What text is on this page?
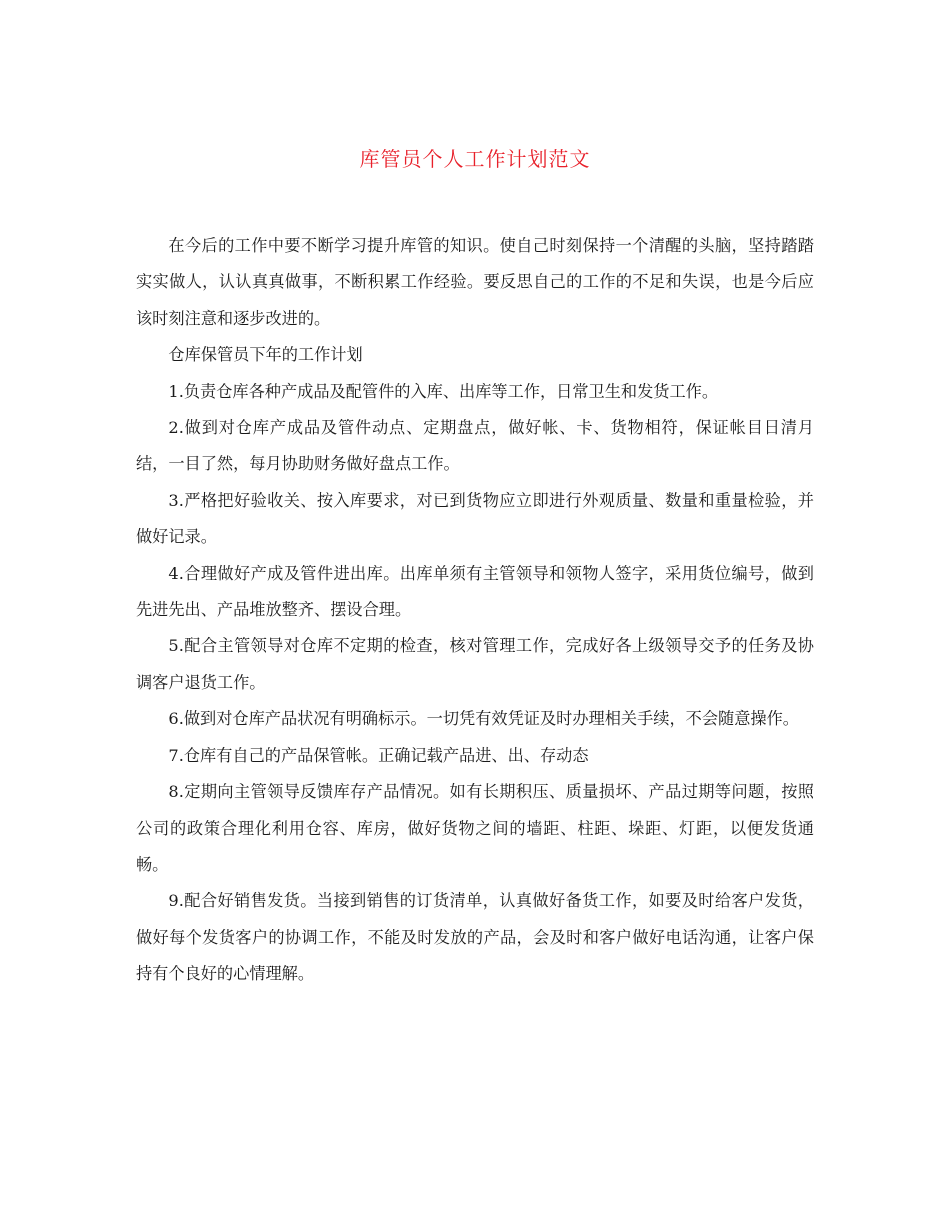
库管员个人工作计划范文

在今后的工作中要不断学习提升库管的知识。使自己时刻保持一个清醒的头脑，坚持踏踏实实做人，认认真真做事，不断积累工作经验。要反思自己的工作的不足和失误，也是今后应该时刻注意和逐步改进的。

仓库保管员下年的工作计划

1.负责仓库各种产成品及配管件的入库、出库等工作，日常卫生和发货工作。

2.做到对仓库产成品及管件动点、定期盘点，做好帐、卡、货物相符，保证帐目日清月结，一目了然，每月协助财务做好盘点工作。

3.严格把好验收关、按入库要求，对已到货物应立即进行外观质量、数量和重量检验，并做好记录。

4.合理做好产成及管件进出库。出库单须有主管领导和领物人签字，采用货位编号，做到先进先出、产品堆放整齐、摆设合理。

5.配合主管领导对仓库不定期的检查，核对管理工作，完成好各上级领导交予的任务及协调客户退货工作。

6.做到对仓库产品状况有明确标示。一切凭有效凭证及时办理相关手续，不会随意操作。

7.仓库有自己的产品保管帐。正确记载产品进、出、存动态

8.定期向主管领导反馈库存产品情况。如有长期积压、质量损坏、产品过期等问题，按照公司的政策合理化利用仓容、库房，做好货物之间的墙距、柱距、垛距、灯距，以便发货通畅。

9.配合好销售发货。当接到销售的订货清单，认真做好备货工作，如要及时给客户发货，做好每个发货客户的协调工作，不能及时发放的产品，会及时和客户做好电话沟通，让客户保持有个良好的心情理解。
